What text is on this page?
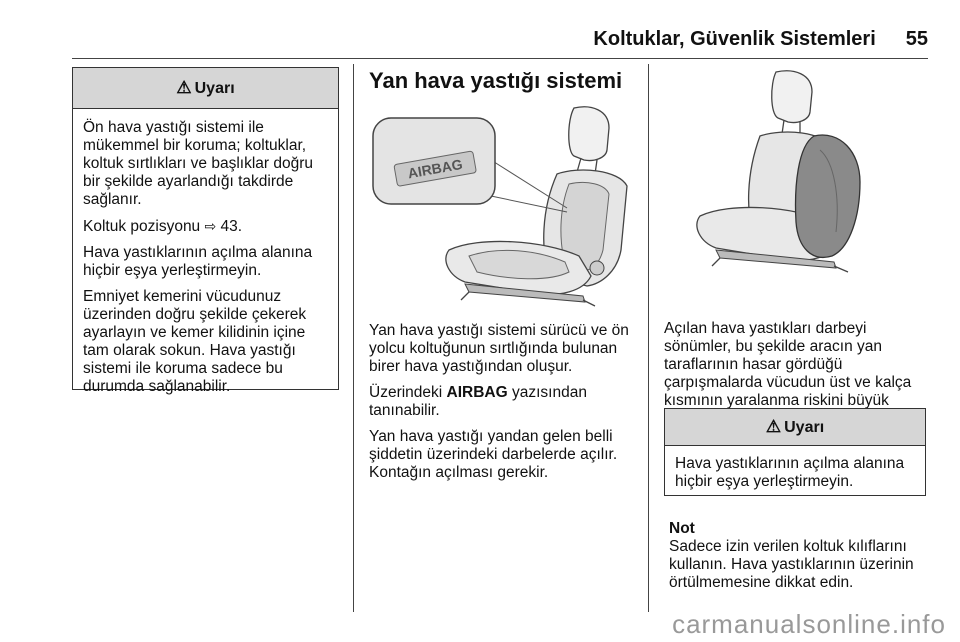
Koltuklar, Güvenlik Sistemleri 55
⚠ Uyarı

Ön hava yastığı sistemi ile mükemmel bir koruma; koltuklar, koltuk sırtlıkları ve başlıklar doğru bir şekilde ayarlandığı takdirde sağlanır.

Koltuk pozisyonu ⇨ 43.

Hava yastıklarının açılma alanına hiçbir eşya yerleştirmeyin.

Emniyet kemerini vücudunuz üzerinden doğru şekilde çekerek ayarlayın ve kemer kilidinin içine tam olarak sokun. Hava yastığı sistemi ile koruma sadece bu durumda sağlanabilir.

Yan hava yastığı sistemi
AIRBAG

Yan hava yastığı sistemi sürücü ve ön yolcu koltuğunun sırtlığında bulunan birer hava yastığından oluşur.

Üzerindeki AIRBAG yazısından tanınabilir.

Yan hava yastığı yandan gelen belli şiddetin üzerindeki darbelerde açılır. Kontağın açılması gerekir.

Açılan hava yastıkları darbeyi sönümler, bu şekilde aracın yan taraflarının hasar gördüğü çarpışmalarda vücudun üst ve kalça kısmının yaralanma riskini büyük

⚠ Uyarı

Hava yastıklarının açılma alanına hiçbir eşya yerleştirmeyin.

Not
Sadece izin verilen koltuk kılıflarını kullanın. Hava yastıklarının üzerinin örtülmemesine dikkat edin.
carmanualsonline.info
